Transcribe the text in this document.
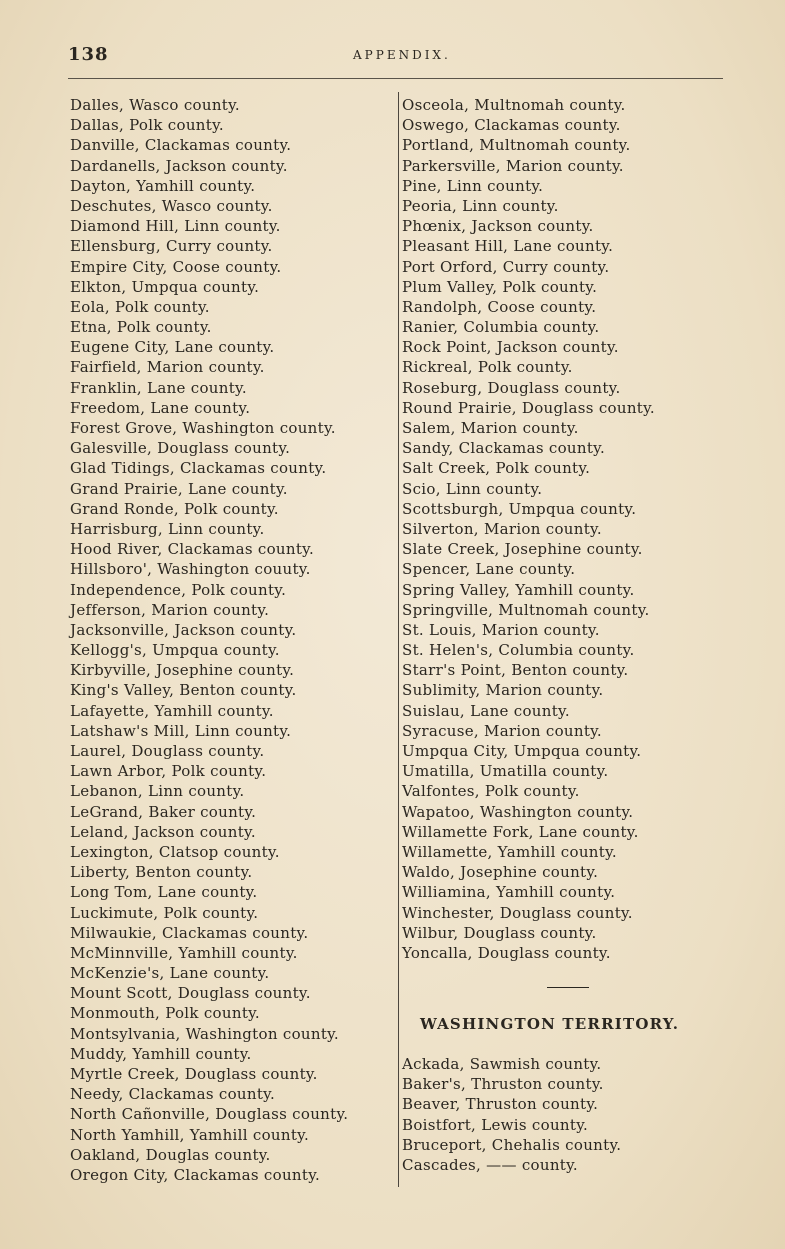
138	APPENDIX.
Dalles, Wasco county.
Dallas, Polk county.
Danville, Clackamas county.
Dardanells, Jackson county.
Dayton, Yamhill county.
Deschutes, Wasco county.
Diamond Hill, Linn county.
Ellensburg, Curry county.
Empire City, Coose county.
Elkton, Umpqua county.
Eola, Polk county.
Etna, Polk county.
Eugene City, Lane county.
Fairfield, Marion county.
Franklin, Lane county.
Freedom, Lane county.
Forest Grove, Washington county.
Galesville, Douglass county.
Glad Tidings, Clackamas county.
Grand Prairie, Lane county.
Grand Ronde, Polk county.
Harrisburg, Linn county.
Hood River, Clackamas county.
Hillsboro', Washington couuty.
Independence, Polk county.
Jefferson, Marion county.
Jacksonville, Jackson county.
Kellogg's, Umpqua county.
Kirbyville, Josephine county.
King's Valley, Benton county.
Lafayette, Yamhill county.
Latshaw's Mill, Linn county.
Laurel, Douglass county.
Lawn Arbor, Polk county.
Lebanon, Linn county.
LeGrand, Baker county.
Leland, Jackson county.
Lexington, Clatsop county.
Liberty, Benton county.
Long Tom, Lane county.
Luckimute, Polk county.
Milwaukie, Clackamas county.
McMinnville, Yamhill county.
McKenzie's, Lane county.
Mount Scott, Douglass county.
Monmouth, Polk county.
Montsylvania, Washington county.
Muddy, Yamhill county.
Myrtle Creek, Douglass county.
Needy, Clackamas county.
North Cañonville, Douglass county.
North Yamhill, Yamhill county.
Oakland, Douglas county.
Oregon City, Clackamas county.
Osceola, Multnomah county.
Oswego, Clackamas county.
Portland, Multnomah county.
Parkersville, Marion county.
Pine, Linn county.
Peoria, Linn county.
Phœnix, Jackson county.
Pleasant Hill, Lane county.
Port Orford, Curry county.
Plum Valley, Polk county.
Randolph, Coose county.
Ranier, Columbia county.
Rock Point, Jackson county.
Rickreal, Polk county.
Roseburg, Douglass county.
Round Prairie, Douglass county.
Salem, Marion county.
Sandy, Clackamas county.
Salt Creek, Polk county.
Scio, Linn county.
Scottsburgh, Umpqua county.
Silverton, Marion county.
Slate Creek, Josephine county.
Spencer, Lane county.
Spring Valley, Yamhill county.
Springville, Multnomah county.
St. Louis, Marion county.
St. Helen's, Columbia county.
Starr's Point, Benton county.
Sublimity, Marion county.
Suislau, Lane county.
Syracuse, Marion county.
Umpqua City, Umpqua county.
Umatilla, Umatilla county.
Valfontes, Polk county.
Wapatoo, Washington county.
Willamette Fork, Lane county.
Willamette, Yamhill county.
Waldo, Josephine county.
Williamina, Yamhill county.
Winchester, Douglass county.
Wilbur, Douglass county.
Yoncalla, Douglass county.
WASHINGTON TERRITORY.
Ackada, Sawmish county.
Baker's, Thruston county.
Beaver, Thruston county.
Boistfort, Lewis county.
Bruceport, Chehalis county.
Cascades, —— county.
